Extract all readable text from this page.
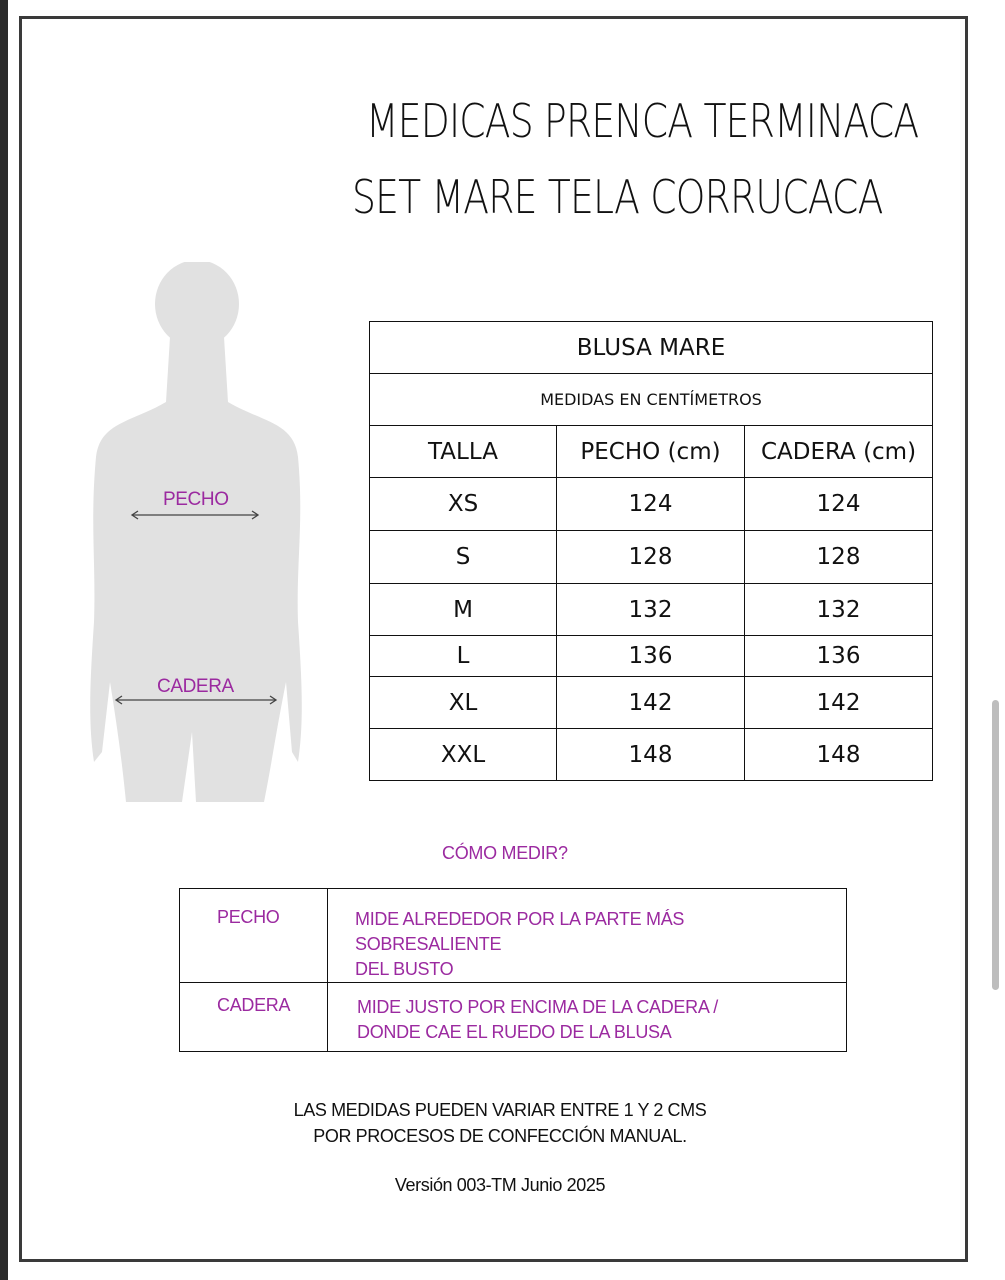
MEDICAS PRENCA TERMINACA
SET MARE TELA CORRUCACA
PECHO
CADERA
BLUSA MARE		
MEDIDAS EN CENTÍMETROS		
TALLA	PECHO (cm)	CADERA (cm)
XS	124	124
S	128	128
M	132	132
L	136	136
XL	142	142
XXL	148	148
CÓMO MEDIR?
PECHO	MIDE ALREDEDOR POR LA PARTE MÁS SOBRESALIENTE
DEL BUSTO

CADERA	MIDE JUSTO POR ENCIMA DE LA CADERA /
DONDE CAE EL RUEDO DE LA BLUSA
LAS MEDIDAS PUEDEN VARIAR ENTRE 1 Y 2 CMS
POR PROCESOS DE CONFECCIÓN MANUAL.
Versión 003-TM Junio 2025
